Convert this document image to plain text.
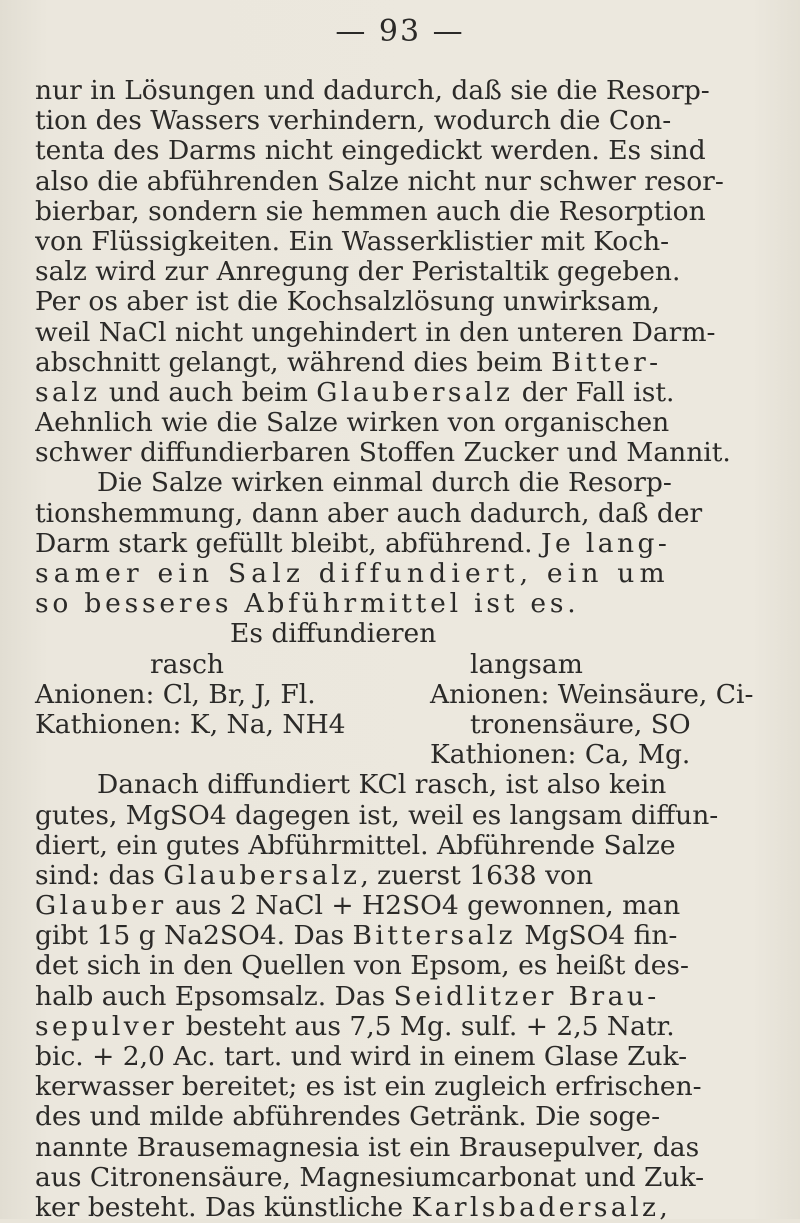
— 93 —
nur in Lösungen und dadurch, daß sie die Resorp-
tion des Wassers verhindern, wodurch die Con-
tenta des Darms nicht eingedickt werden. Es sind
also die abführenden Salze nicht nur schwer resor-
bierbar, sondern sie hemmen auch die Resorption
von Flüssigkeiten. Ein Wasserklistier mit Koch-
salz wird zur Anregung der Peristaltik gegeben.
Per os aber ist die Kochsalzlösung unwirksam,
weil NaCl nicht ungehindert in den unteren Darm-
abschnitt gelangt, während dies beim Bitter-
salz und auch beim Glaubersalz der Fall ist.
Aehnlich wie die Salze wirken von organischen
schwer diffundierbaren Stoffen Zucker und Mannit.
Die Salze wirken einmal durch die Resorp-
tionshemmung, dann aber auch dadurch, daß der
Darm stark gefüllt bleibt, abführend. Je lang-
samer ein Salz diffundiert, ein um
so besseres Abführmittel ist es.
Es diffundieren
rasch
Anionen: Cl, Br, J, Fl.
Kathionen: K, Na, NH4
langsam
Anionen: Weinsäure, Ci-
tronensäure, SO
Kathionen: Ca, Mg.
Danach diffundiert KCl rasch, ist also kein
gutes, MgSO4 dagegen ist, weil es langsam diffun-
diert, ein gutes Abführmittel. Abführende Salze
sind: das Glaubersalz, zuerst 1638 von
Glauber aus 2 NaCl + H2SO4 gewonnen, man
gibt 15 g Na2SO4. Das Bittersalz MgSO4 fin-
det sich in den Quellen von Epsom, es heißt des-
halb auch Epsomsalz. Das Seidlitzer Brau-
sepulver besteht aus 7,5 Mg. sulf. + 2,5 Natr.
bic. + 2,0 Ac. tart. und wird in einem Glase Zuk-
kerwasser bereitet; es ist ein zugleich erfrischen-
des und milde abführendes Getränk. Die soge-
nannte Brausemagnesia ist ein Brausepulver, das
aus Citronensäure, Magnesiumcarbonat und Zuk-
ker besteht. Das künstliche Karlsbadersalz,
